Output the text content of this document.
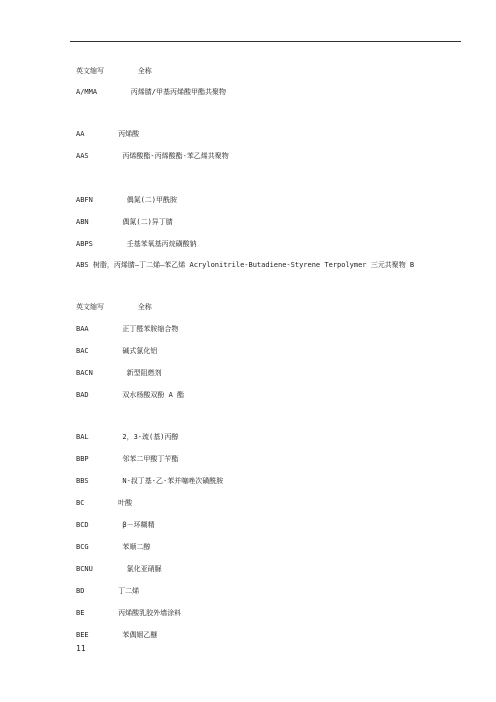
英文缩写        全称
A/MMA        丙烯腈/甲基丙烯酸甲酯共聚物
AA        丙烯酸
AAS        丙烯酸酯-丙烯酸酯-苯乙烯共聚物
ABFN        偶氮(二)甲酰胺
ABN        偶氮(二)异丁腈
ABPS        壬基苯氧基丙烷磺酸钠
ABS 树脂，丙烯腈—丁二烯—苯乙烯 Acrylonitrile-Butadiene-Styrene Terpolymer 三元共聚物 B
英文缩写        全称
BAA        正丁醛苯胺缩合物
BAC        碱式氯化铝
BACN        新型阻燃剂
BAD        双水杨酸双酚 A 酯
BAL        2，3-巯(基)丙醇
BBP        邻苯二甲酸丁苄酯
BBS        N-叔丁基-乙-苯并噻唑次磺酰胺
BC        叶酸
BCD        β－环糊精
BCG        苯顺二醇
BCNU        氯化亚硝脲
BD        丁二烯
BE        丙烯酸乳胶外墙涂料
BEE        苯偶姻乙醚
11
